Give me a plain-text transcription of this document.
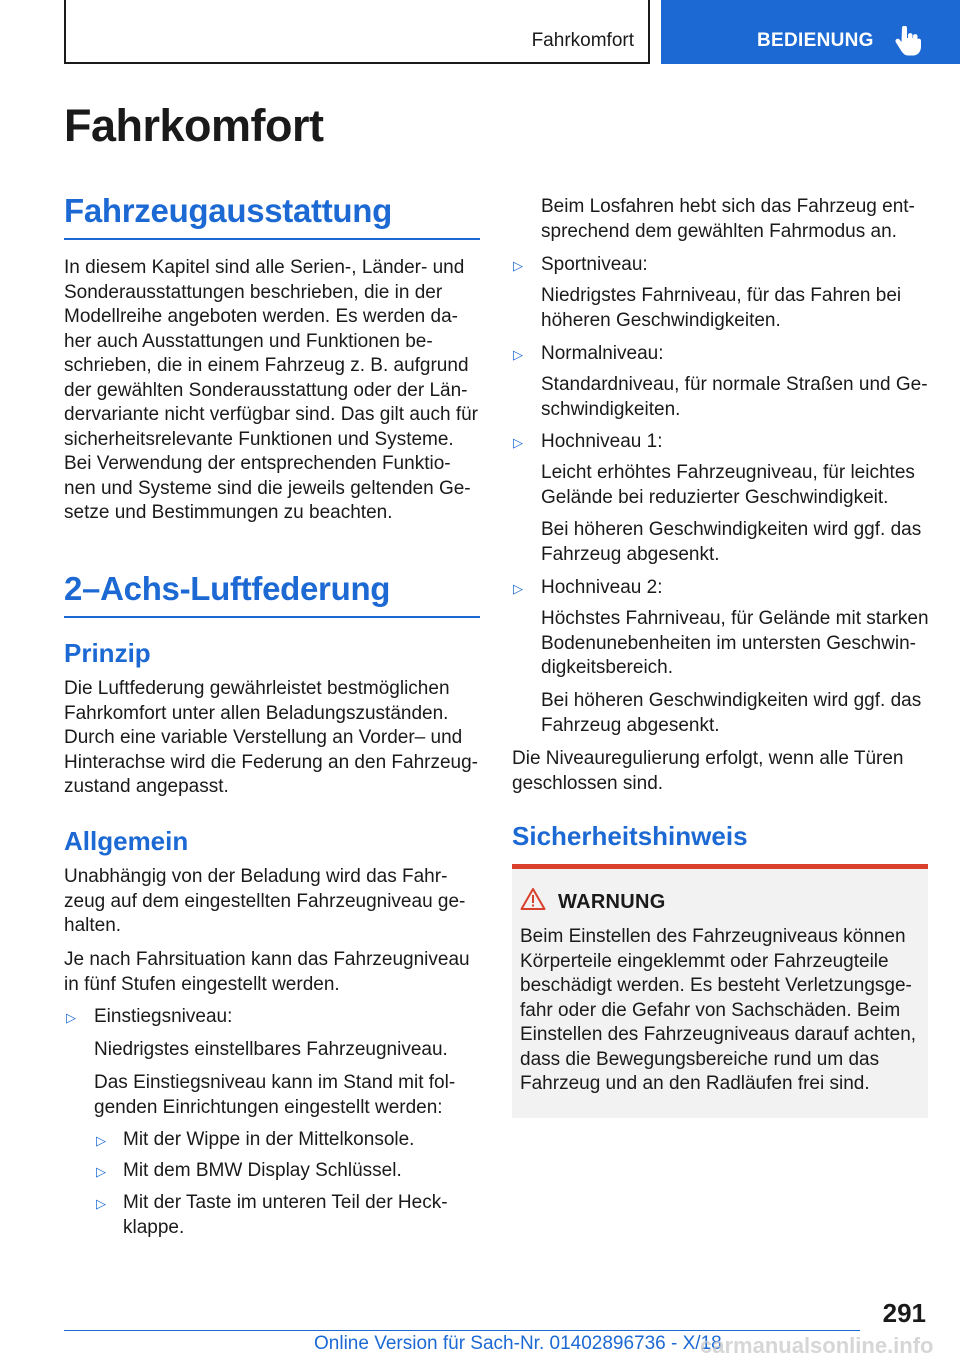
Fahrkomfort	BEDIENUNG
Fahrkomfort
Fahrzeugausstattung
In diesem Kapitel sind alle Serien-, Länder- und
Sonderausstattungen beschrieben, die in der
Modellreihe angeboten werden. Es werden da‐
her auch Ausstattungen und Funktionen be‐
schrieben, die in einem Fahrzeug z. B. aufgrund
der gewählten Sonderausstattung oder der Län‐
dervariante nicht verfügbar sind. Das gilt auch für
sicherheitsrelevante Funktionen und Systeme.
Bei Verwendung der entsprechenden Funktio‐
nen und Systeme sind die jeweils geltenden Ge‐
setze und Bestimmungen zu beachten.
2–Achs-Luftfederung
Prinzip
Die Luftfederung gewährleistet bestmöglichen
Fahrkomfort unter allen Beladungszuständen.
Durch eine variable Verstellung an Vorder– und
Hinterachse wird die Federung an den Fahrzeug‐
zustand angepasst.
Allgemein
Unabhängig von der Beladung wird das Fahr‐
zeug auf dem eingestellten Fahrzeugniveau ge‐
halten.
Je nach Fahrsituation kann das Fahrzeugniveau
in fünf Stufen eingestellt werden.
▷ Einstiegsniveau:
Niedrigstes einstellbares Fahrzeugniveau.
Das Einstiegsniveau kann im Stand mit fol‐
genden Einrichtungen eingestellt werden:
▷ Mit der Wippe in der Mittelkonsole.
▷ Mit dem BMW Display Schlüssel.
▷ Mit der Taste im unteren Teil der Heck‐
klappe.
Beim Losfahren hebt sich das Fahrzeug ent‐
sprechend dem gewählten Fahrmodus an.
▷ Sportniveau:
Niedrigstes Fahrniveau, für das Fahren bei
höheren Geschwindigkeiten.
▷ Normalniveau:
Standardniveau, für normale Straßen und Ge‐
schwindigkeiten.
▷ Hochniveau 1:
Leicht erhöhtes Fahrzeugniveau, für leichtes
Gelände bei reduzierter Geschwindigkeit.
Bei höheren Geschwindigkeiten wird ggf. das
Fahrzeug abgesenkt.
▷ Hochniveau 2:
Höchstes Fahrniveau, für Gelände mit starken
Bodenunebenheiten im untersten Geschwin‐
digkeitsbereich.
Bei höheren Geschwindigkeiten wird ggf. das
Fahrzeug abgesenkt.
Die Niveauregulierung erfolgt, wenn alle Türen
geschlossen sind.
Sicherheitshinweis
WARNUNG
Beim Einstellen des Fahrzeugniveaus können
Körperteile eingeklemmt oder Fahrzeugteile
beschädigt werden. Es besteht Verletzungsge‐
fahr oder die Gefahr von Sachschäden. Beim
Einstellen des Fahrzeugniveaus darauf achten,
dass die Bewegungsbereiche rund um das
Fahrzeug und an den Radläufen frei sind.
291
Online Version für Sach-Nr. 01402896736 - X/18
carmanualsonline.info
